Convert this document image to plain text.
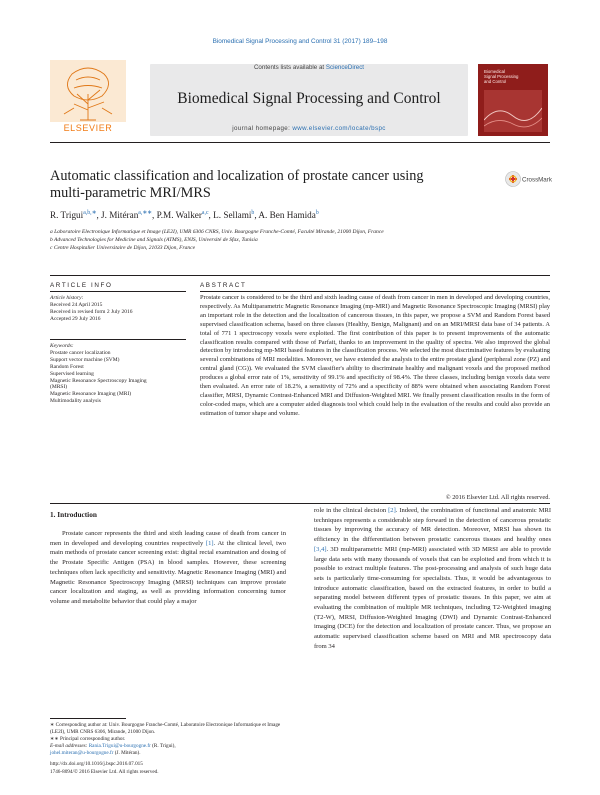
Biomedical Signal Processing and Control 31 (2017) 189–198
ELSEVIER
Contents lists available at ScienceDirect
Biomedical Signal Processing and Control
journal homepage: www.elsevier.com/locate/bspc
Biomedical
Signal Processing
and Control
Automatic classification and localization of prostate cancer using multi-parametric MRI/MRS
CrossMark
R. Trigui$^{a,b,∗}$, J. Mitéran$^{a,∗∗}$, P.M. Walker$^{a,c}$, L. Sellami$^b$, A. Ben Hamida$^b$
a Laboratoire Electronique Informatique et Image (LE2I), UMR 6306 CNRS, Univ. Bourgogne Franche-Comté, Faculté Mirande, 21000 Dijon, France
b Advanced Technologies for Medicine and Signals (ATMS), ENIS, Université de Sfax, Tunisia
c Centre Hospitalier Universitaire de Dijon, 21033 Dijon, France
ARTICLE INFO	ABSTRACT
Article history:
Received 24 April 2015
Received in revised form 2 July 2016
Accepted 29 July 2016
Keywords:
Prostate cancer localization
Support vector machine (SVM)
Random Forest
Supervised learning
Magnetic Resonance Spectroscopy Imaging
(MRSI)
Magnetic Resonance Imaging (MRI)
Multimodality analysis
Prostate cancer is considered to be the third and sixth leading cause of death from cancer in men in developed and developing countries, respectively. As Multiparametric Magnetic Resonance Imaging (mp-MRI) and Magnetic Resonance Spectroscopic Imaging (MRSI) play an important role in the detection and the localization of cancerous tissues, in this paper, we propose a SVM and Random Forest based supervised classification schema, based on three classes (Healthy, Benign, Malignant) and on an MRI/MRSI data base of 34 patients. A total of 771 1 spectroscopy voxels were exploited. The first contribution of this paper is to present improvements of the automatic classification results compared with those of Parfait, thanks to an improvement in the quality of spectra. We also improved the global detection by introducing mp-MRI based features in the classification process. We selected the most discriminative features by evaluating several combinations of MRI modalities. Moreover, we have extended the analysis to the entire prostate gland (peripheral zone (PZ) and central gland (CG)). We evaluated the SVM classifier's ability to discriminate healthy and malignant voxels and the proposed method produces a global error rate of 1%, sensitivity of 99.1% and specificity of 98.4%. The three classes, including benign voxels data were then evaluated. An error rate of 18.2%, a sensitivity of 72% and a specificity of 88% were obtained when associating Random Forest classifier, MRSI, Dynamic Contrast-Enhanced MRI and Diffusion-Weighted MRI. We finally present classification results in the form of color-coded maps, which are a computer aided diagnosis tool which could help in the evaluation of the results and could also provide an estimation of tumor shape and volume.
© 2016 Elsevier Ltd. All rights reserved.
1. Introduction
Prostate cancer represents the third and sixth leading cause of death from cancer in men in developed and developing countries respectively [1]. At the clinical level, two main methods of prostate cancer screening exist: digital rectal examination and dosing of the Prostate Specific Antigen (PSA) in blood samples. However, these screening techniques often lack specificity and sensitivity. Magnetic Resonance Imaging (MRI) and Magnetic Resonance Spectroscopy Imaging (MRSI) techniques can improve prostate cancer localization and staging, as well as providing information concerning tumor volume and metabolite behavior that could play a major
role in the clinical decision [2]. Indeed, the combination of functional and anatomic MRI techniques represents a considerable step forward in the detection of cancerous prostatic tissues by improving the accuracy of MR detection. Moreover, MRSI has shown its efficiency in the differentiation between prostatic cancerous tissues and healthy ones [3,4]. 3D multiparametric MRI (mp-MRI) associated with 3D MRSI are able to provide large data sets with many thousands of voxels that can be exploited and from which it is possible to extract multiple features. The post-processing and analysis of such huge data sets is particularly time-consuming for specialists. Thus, it would be advantageous to introduce automatic classification, based on the extracted features, in order to build a separating model between different types of prostatic tissues. In this paper, we aim at evaluating the combination of multiple MR techniques, including T2-Weighted imaging (T2-W), MRSI, Diffusion-Weighted Imaging (DWI) and Dynamic Contrast-Enhanced imaging (DCE) for the detection and localization of prostate cancer. Thus, we propose an automatic supervised classification scheme based on MRI and MR spectroscopy data from 34
∗ Corresponding author at: Univ. Bourgogne Franche-Comté, Laboratoire Electronique Informatique et Image (LE2I), UMR CNRS 6306, Mirande, 21000 Dijon.
∗∗ Principal corresponding author.
E-mail addresses: Rania.Trigui@u-bourgogne.fr (R. Trigui),
johel.miteran@u-bourgogne.fr (J. Mitéran).
http://dx.doi.org/10.1016/j.bspc.2016.07.015
1746-8094/© 2016 Elsevier Ltd. All rights reserved.
